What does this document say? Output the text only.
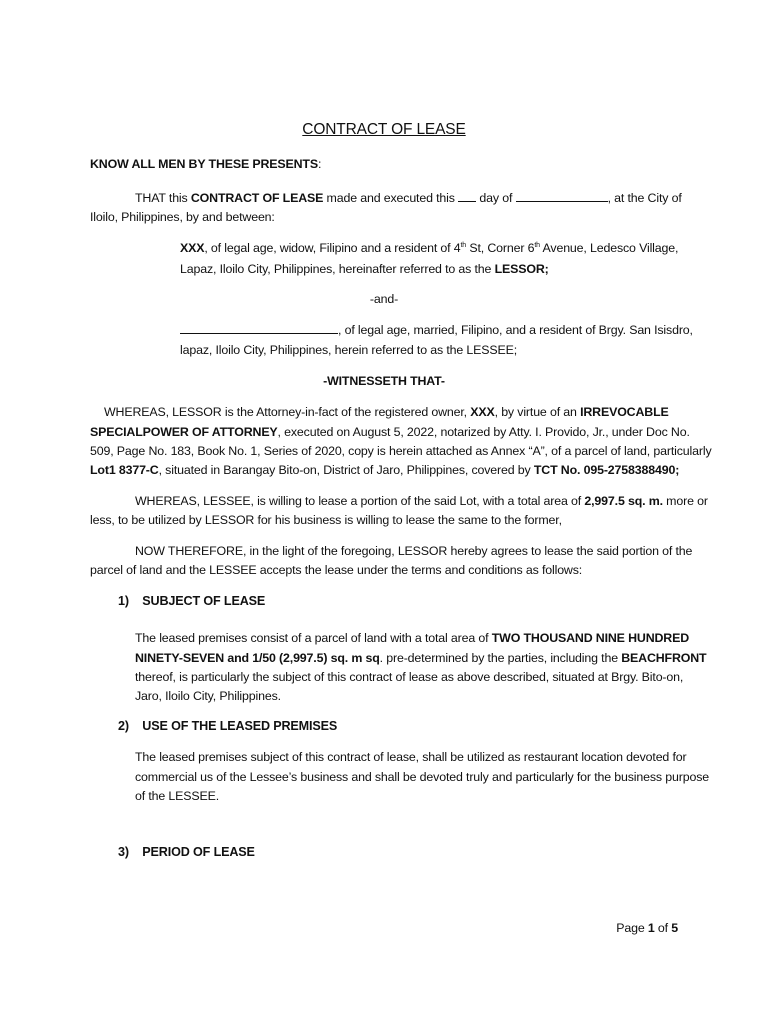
CONTRACT OF LEASE

KNOW ALL MEN BY THESE PRESENTS:

THAT this CONTRACT OF LEASE made and executed this  day of	, at the City of

Iloilo, Philippines, by and between:

XXX, of legal age, widow, Filipino and a resident of 4th St, Corner 6th Avenue, Ledesco Village,

Lapaz, Iloilo City, Philippines, hereinafter referred to as the LESSOR;

-and-

, of legal age, married, Filipino, and a resident of Brgy. San Isisdro,

lapaz, Iloilo City, Philippines, herein referred to as the LESSEE;

-WITNESSETH THAT-

WHEREAS, LESSOR is the Attorney-in-fact of the registered owner, XXX, by virtue of an IRREVOCABLE

SPECIALPOWER OF ATTORNEY, executed on August 5, 2022, notarized by Atty. I. Provido, Jr., under Doc No.

509, Page No. 183, Book No. 1, Series of 2020, copy is herein attached as Annex “A”, of a parcel of land, particularly

Lot1 8377-C, situated in Barangay Bito-on, District of Jaro, Philippines, covered by TCT No. 095-2758388490;

WHEREAS, LESSEE, is willing to lease a portion of the said Lot, with a total area of 2,997.5 sq. m. more or

less, to be utilized by LESSOR for his business is willing to lease the same to the former,

NOW THEREFORE, in the light of the foregoing, LESSOR hereby agrees to lease the said portion of the

parcel of land and the LESSEE accepts the lease under the terms and conditions as follows:

1)    SUBJECT OF LEASE

The leased premises consist of a parcel of land with a total area of TWO THOUSAND NINE HUNDRED

NINETY-SEVEN and 1/50 (2,997.5) sq. m sq. pre-determined by the parties, including the BEACHFRONT

thereof, is particularly the subject of this contract of lease as above described, situated at Brgy. Bito-on,

Jaro, Iloilo City, Philippines.

2)    USE OF THE LEASED PREMISES

The leased premises subject of this contract of lease, shall be utilized as restaurant location devoted for

commercial us of the Lessee’s business and shall be devoted truly and particularly for the business purpose

of the LESSEE.

3)    PERIOD OF LEASE

Page 1 of 5
